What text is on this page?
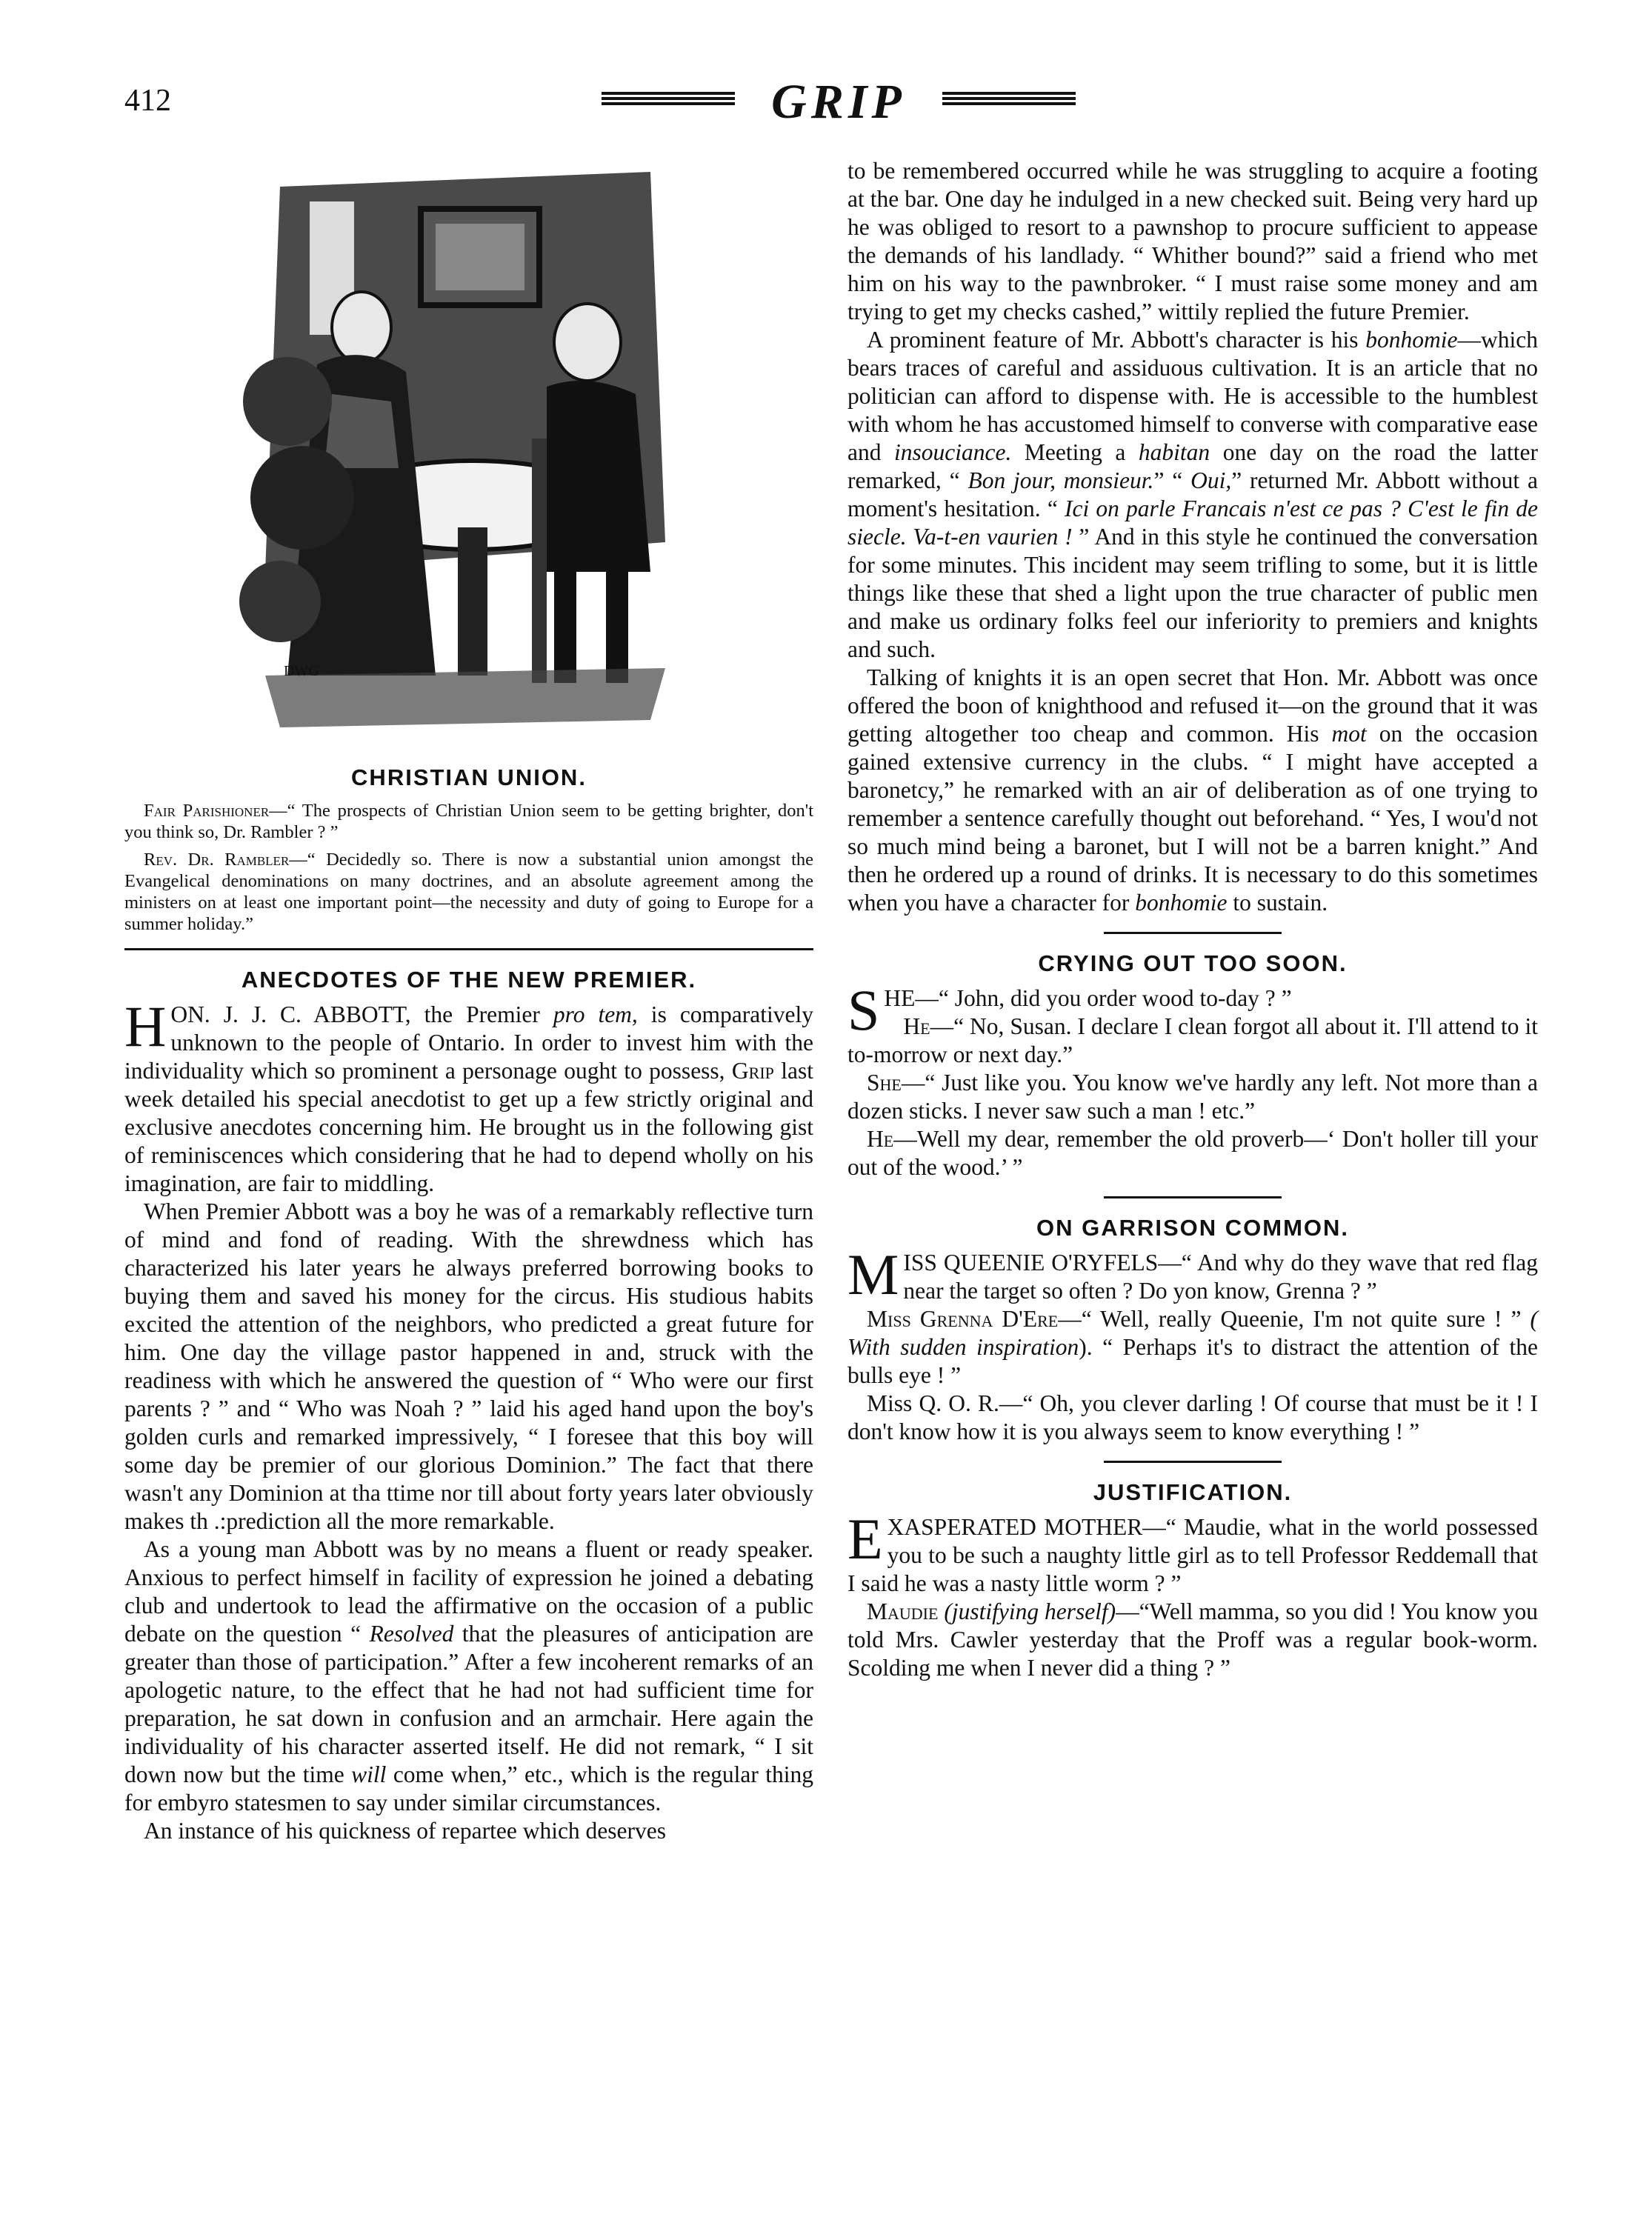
412	GRIP
DWG
CHRISTIAN UNION.

Fair Parishioner—“ The prospects of Christian Union seem to be getting brighter, don't you think so, Dr. Rambler ? ”

Rev. Dr. Rambler—“ Decidedly so. There is now a substantial union amongst the Evangelical denominations on many doctrines, and an absolute agreement among the ministers on at least one important point—the necessity and duty of going to Europe for a summer holiday.”

ANECDOTES OF THE NEW PREMIER.

HON. J. J. C. ABBOTT, the Premier pro tem, is comparatively unknown to the people of Ontario. In order to invest him with the individuality which so prominent a personage ought to possess, Grip last week detailed his special anecdotist to get up a few strictly original and exclusive anecdotes concerning him. He brought us in the following gist of reminiscences which considering that he had to depend wholly on his imagination, are fair to middling.

When Premier Abbott was a boy he was of a remarkably reflective turn of mind and fond of reading. With the shrewdness which has characterized his later years he always preferred borrowing books to buying them and saved his money for the circus. His studious habits excited the attention of the neighbors, who predicted a great future for him. One day the village pastor happened in and, struck with the readiness with which he answered the question of “ Who were our first parents ? ” and “ Who was Noah ? ” laid his aged hand upon the boy's golden curls and remarked impressively, “ I foresee that this boy will some day be premier of our glorious Dominion.” The fact that there wasn't any Dominion at tha ttime nor till about forty years later obviously makes th .:prediction all the more remarkable.

As a young man Abbott was by no means a fluent or ready speaker. Anxious to perfect himself in facility of expression he joined a debating club and undertook to lead the affirmative on the occasion of a public debate on the question “ Resolved that the pleasures of anticipation are greater than those of participation.” After a few incoherent remarks of an apologetic nature, to the effect that he had not had sufficient time for preparation, he sat down in confusion and an armchair. Here again the individuality of his character asserted itself. He did not remark, “ I sit down now but the time will come when,” etc., which is the regular thing for embyro statesmen to say under similar circumstances.

An instance of his quickness of repartee which deserves

to be remembered occurred while he was struggling to acquire a footing at the bar. One day he indulged in a new checked suit. Being very hard up he was obliged to resort to a pawnshop to procure sufficient to appease the demands of his landlady. “ Whither bound?” said a friend who met him on his way to the pawnbroker. “ I must raise some money and am trying to get my checks cashed,” wittily replied the future Premier.

A prominent feature of Mr. Abbott's character is his bonhomie—which bears traces of careful and assiduous cultivation. It is an article that no politician can afford to dispense with. He is accessible to the humblest with whom he has accustomed himself to converse with comparative ease and insouciance. Meeting a habitan one day on the road the latter remarked, “ Bon jour, monsieur.” “ Oui,” returned Mr. Abbott without a moment's hesitation. “ Ici on parle Francais n'est ce pas ? C'est le fin de siecle. Va-t-en vaurien ! ” And in this style he continued the conversation for some minutes. This incident may seem trifling to some, but it is little things like these that shed a light upon the true character of public men and make us ordinary folks feel our inferiority to premiers and knights and such.

Talking of knights it is an open secret that Hon. Mr. Abbott was once offered the boon of knighthood and refused it—on the ground that it was getting altogether too cheap and common. His mot on the occasion gained extensive currency in the clubs. “ I might have accepted a baronetcy,” he remarked with an air of deliberation as of one trying to remember a sentence carefully thought out beforehand. “ Yes, I wou'd not so much mind being a baronet, but I will not be a barren knight.” And then he ordered up a round of drinks. It is necessary to do this sometimes when you have a character for bonhomie to sustain.

CRYING OUT TOO SOON.

SHE—“ John, did you order wood to-day ? ”

He—“ No, Susan. I declare I clean forgot all about it. I'll attend to it to-morrow or next day.”

She—“ Just like you. You know we've hardly any left. Not more than a dozen sticks. I never saw such a man ! etc.”

He—Well my dear, remember the old proverb—‘ Don't holler till your out of the wood.’ ”

ON GARRISON COMMON.

MISS QUEENIE O'RYFELS—“ And why do they wave that red flag near the target so often ? Do yon know, Grenna ? ”

Miss Grenna D'Ere—“ Well, really Queenie, I'm not quite sure ! ” ( With sudden inspiration). “ Perhaps it's to distract the attention of the bulls eye ! ”

Miss Q. O. R.—“ Oh, you clever darling ! Of course that must be it ! I don't know how it is you always seem to know everything ! ”

JUSTIFICATION.

EXASPERATED MOTHER—“ Maudie, what in the world possessed you to be such a naughty little girl as to tell Professor Reddemall that I said he was a nasty little worm ? ”

Maudie (justifying herself)—“Well mamma, so you did ! You know you told Mrs. Cawler yesterday that the Proff was a regular book-worm. Scolding me when I never did a thing ? ”
